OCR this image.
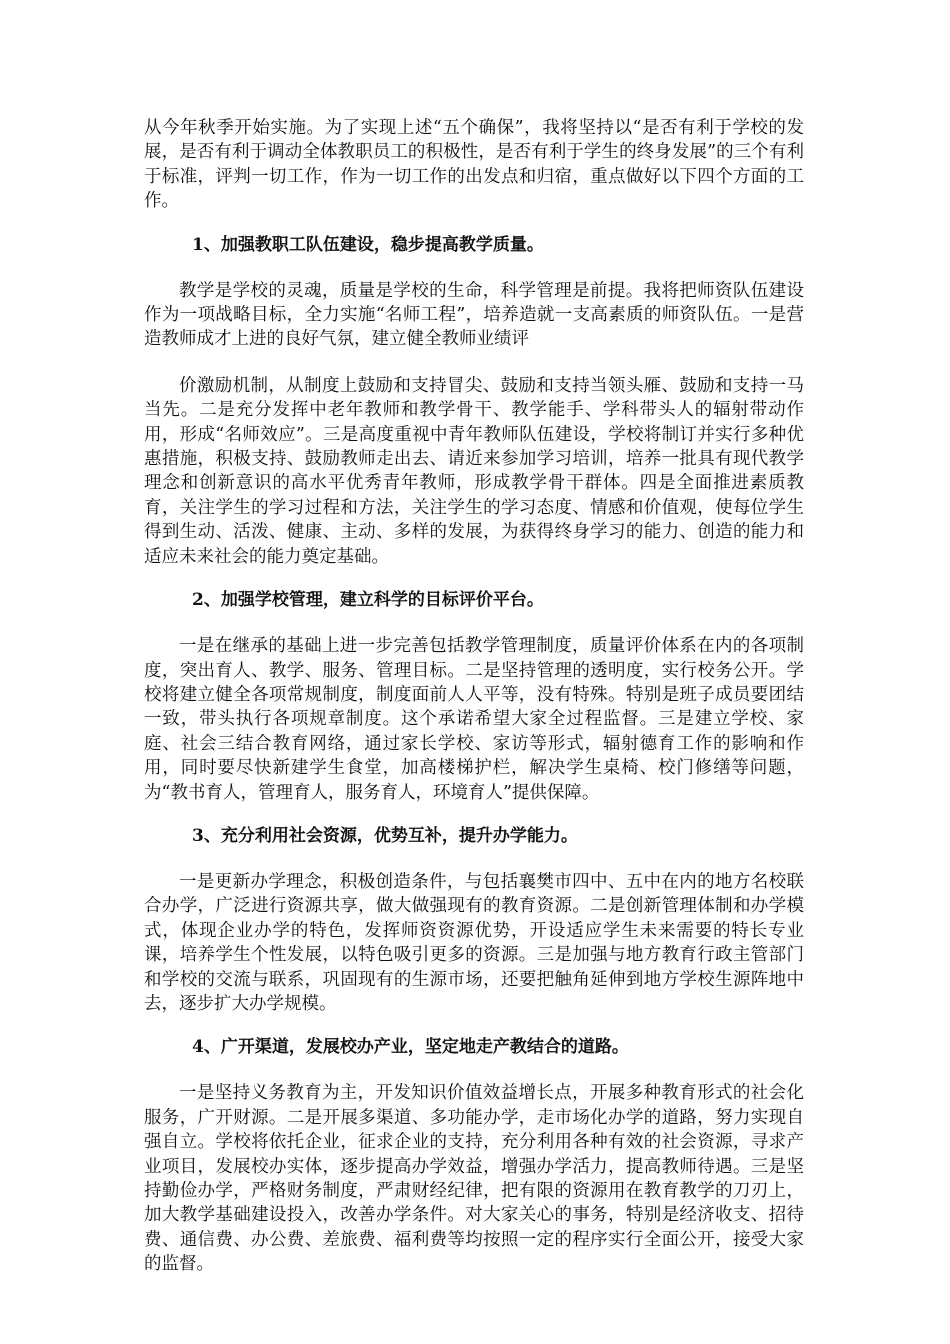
从今年秋季开始实施。为了实现上述“五个确保”，我将坚持以“是否有利于学校的发展，是否有利于调动全体教职员工的积极性，是否有利于学生的终身发展”的三个有利于标准，评判一切工作，作为一切工作的出发点和归宿，重点做好以下四个方面的工作。

1、加强教职工队伍建设，稳步提高教学质量。

教学是学校的灵魂，质量是学校的生命，科学管理是前提。我将把师资队伍建设作为一项战略目标，全力实施“名师工程”，培养造就一支高素质的师资队伍。一是营造教师成才上进的良好气氛，建立健全教师业绩评

价激励机制，从制度上鼓励和支持冒尖、鼓励和支持当领头雁、鼓励和支持一马当先。二是充分发挥中老年教师和教学骨干、教学能手、学科带头人的辐射带动作用，形成“名师效应”。三是高度重视中青年教师队伍建设，学校将制订并实行多种优惠措施，积极支持、鼓励教师走出去、请近来参加学习培训，培养一批具有现代教学理念和创新意识的高水平优秀青年教师，形成教学骨干群体。四是全面推进素质教育，关注学生的学习过程和方法，关注学生的学习态度、情感和价值观，使每位学生得到生动、活泼、健康、主动、多样的发展，为获得终身学习的能力、创造的能力和适应未来社会的能力奠定基础。

2、加强学校管理，建立科学的目标评价平台。

一是在继承的基础上进一步完善包括教学管理制度，质量评价体系在内的各项制度，突出育人、教学、服务、管理目标。二是坚持管理的透明度，实行校务公开。学校将建立健全各项常规制度，制度面前人人平等，没有特殊。特别是班子成员要团结一致，带头执行各项规章制度。这个承诺希望大家全过程监督。三是建立学校、家庭、社会三结合教育网络，通过家长学校、家访等形式，辐射德育工作的影响和作用，同时要尽快新建学生食堂，加高楼梯护栏，解决学生桌椅、校门修缮等问题，为“教书育人，管理育人，服务育人，环境育人”提供保障。

3、充分利用社会资源，优势互补，提升办学能力。

一是更新办学理念，积极创造条件，与包括襄樊市四中、五中在内的地方名校联合办学，广泛进行资源共享，做大做强现有的教育资源。二是创新管理体制和办学模式，体现企业办学的特色，发挥师资资源优势，开设适应学生未来需要的特长专业课，培养学生个性发展，以特色吸引更多的资源。三是加强与地方教育行政主管部门和学校的交流与联系，巩固现有的生源市场，还要把触角延伸到地方学校生源阵地中去，逐步扩大办学规模。

4、广开渠道，发展校办产业，坚定地走产教结合的道路。

一是坚持义务教育为主，开发知识价值效益增长点，开展多种教育形式的社会化服务，广开财源。二是开展多渠道、多功能办学，走市场化办学的道路，努力实现自强自立。学校将依托企业，征求企业的支持，充分利用各种有效的社会资源，寻求产业项目，发展校办实体，逐步提高办学效益，增强办学活力，提高教师待遇。三是坚持勤俭办学，严格财务制度，严肃财经纪律，把有限的资源用在教育教学的刀刃上，加大教学基础建设投入，改善办学条件。对大家关心的事务，特别是经济收支、招待费、通信费、办公费、差旅费、福利费等均按照一定的程序实行全面公开，接受大家的监督。
